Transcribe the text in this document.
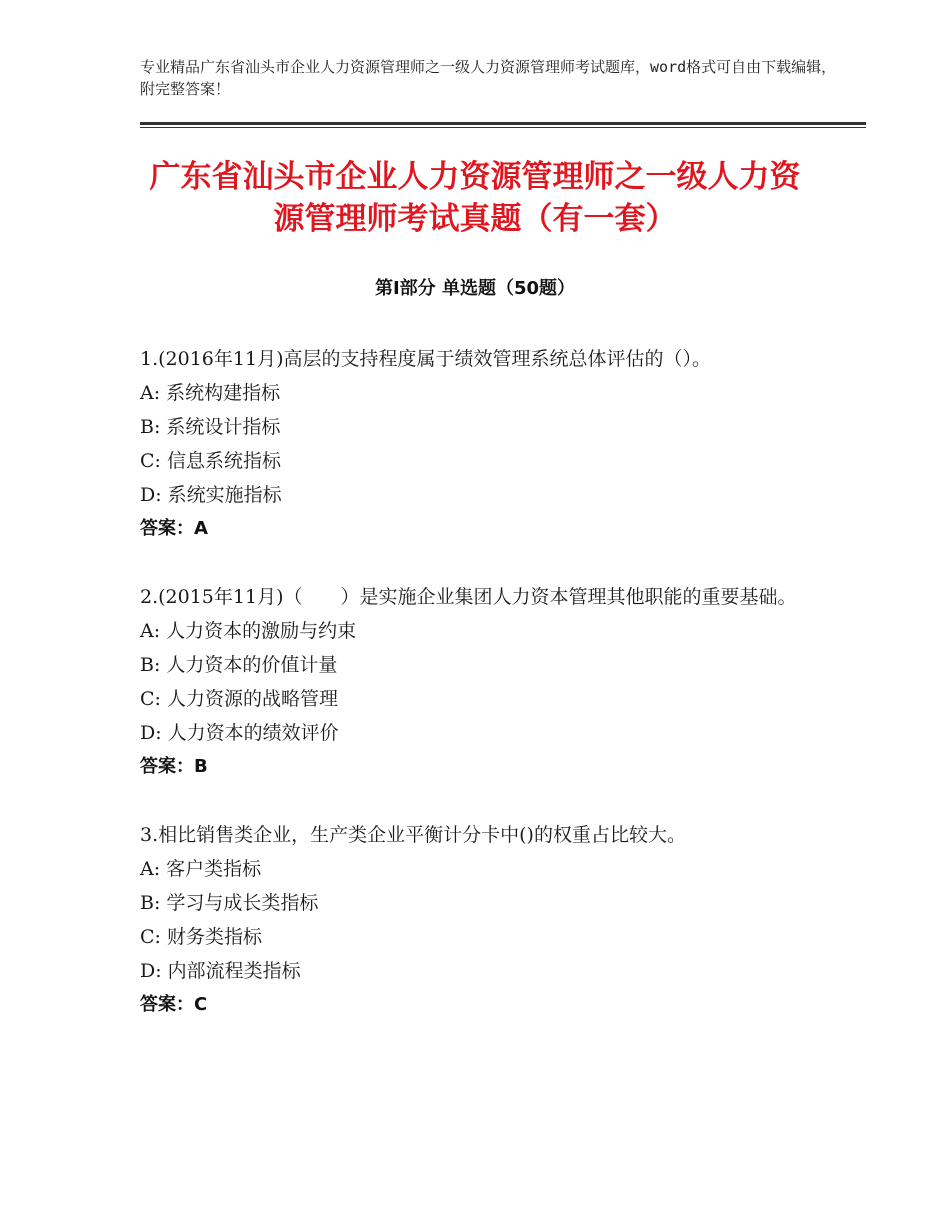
专业精品广东省汕头市企业人力资源管理师之一级人力资源管理师考试题库，word格式可自由下载编辑，附完整答案！
广东省汕头市企业人力资源管理师之一级人力资源管理师考试真题（有一套）
第Ⅰ部分 单选题（50题）
1.(2016年11月)高层的支持程度属于绩效管理系统总体评估的（）。
A: 系统构建指标
B: 系统设计指标
C: 信息系统指标
D: 系统实施指标
答案：A
2.(2015年11月)（　　）是实施企业集团人力资本管理其他职能的重要基础。
A: 人力资本的激励与约束
B: 人力资本的价值计量
C: 人力资源的战略管理
D: 人力资本的绩效评价
答案：B
3.相比销售类企业，生产类企业平衡计分卡中()的权重占比较大。
A: 客户类指标
B: 学习与成长类指标
C: 财务类指标
D: 内部流程类指标
答案：C
